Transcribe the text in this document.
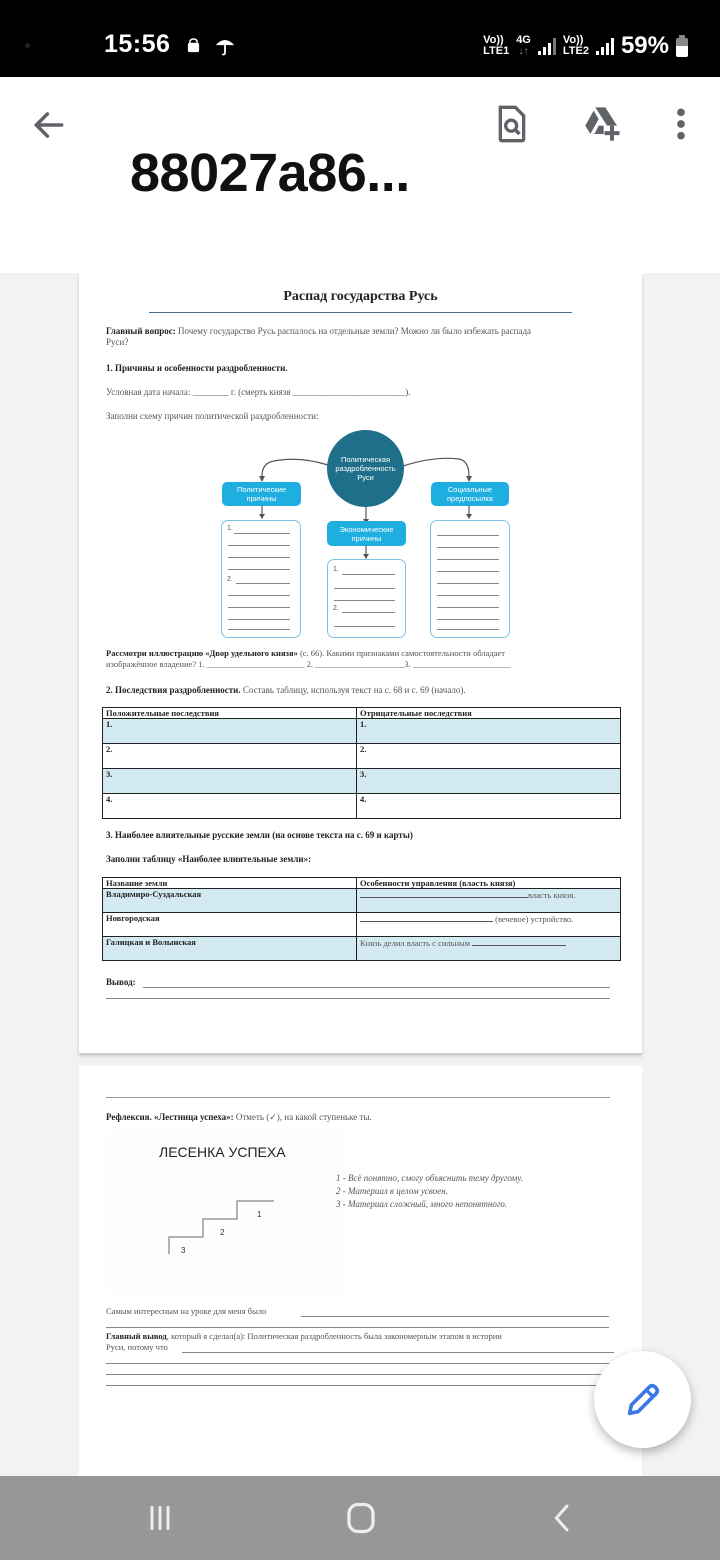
15:56	Vo))
LTE1
4G
↓↑
Vo))
LTE2 59%
88027a86...
Распад государства Русь
Главный вопрос: Почему государство Русь распалось на отдельные земли? Можно ли было избежать распада
Руси?
1. Причины и особенности раздробленности.
Условная дата начала: ________ г. (смерть князя _________________________).
Заполни схему причин политической раздробленности:
Политическая раздробленность Руси
Политические причины
Экономические причины
Социальные предпосылка
1.
2.
1.
2.
Рассмотри иллюстрацию «Двор удельного князя» (с. 66). Какими признаками самостоятельности обладает
изображённое владение? 1. _______________________ 2. _____________________3. _______________________
2. Последствия раздробленности. Составь таблицу, используя текст на с. 68 и с. 69 (начало).
Положительные последствия	Отрицательные последствия
1.	1.
2.	2.
3.	3.
4.	4.
3. Наиболее влиятельные русские земли (на основе текста на с. 69 и карты)
Заполни таблицу «Наиболее влиятельные земли»:
Название земли	Особенности управления (власть князя)
Владимиро-Суздальская	власть князя.
Новгородская	(вечевое) устройство.
Галицкая и Волынская	Князь делил власть с сильным
Вывод:
Рефлексия. «Лестница успеха»: Отметь (✓), на какой ступеньке ты.
ЛЕСЕНКА УСПЕХА
1
2
3
1 - Всё понятно, смогу объяснить тему другому.
2 - Материал в целом усвоен.
3 - Материал сложный, много непонятного.
Самым интересным на уроке для меня было
Главный вывод, который я сделал(а): Политическая раздробленность была закономерным этапом в истории
Руси, потому что
